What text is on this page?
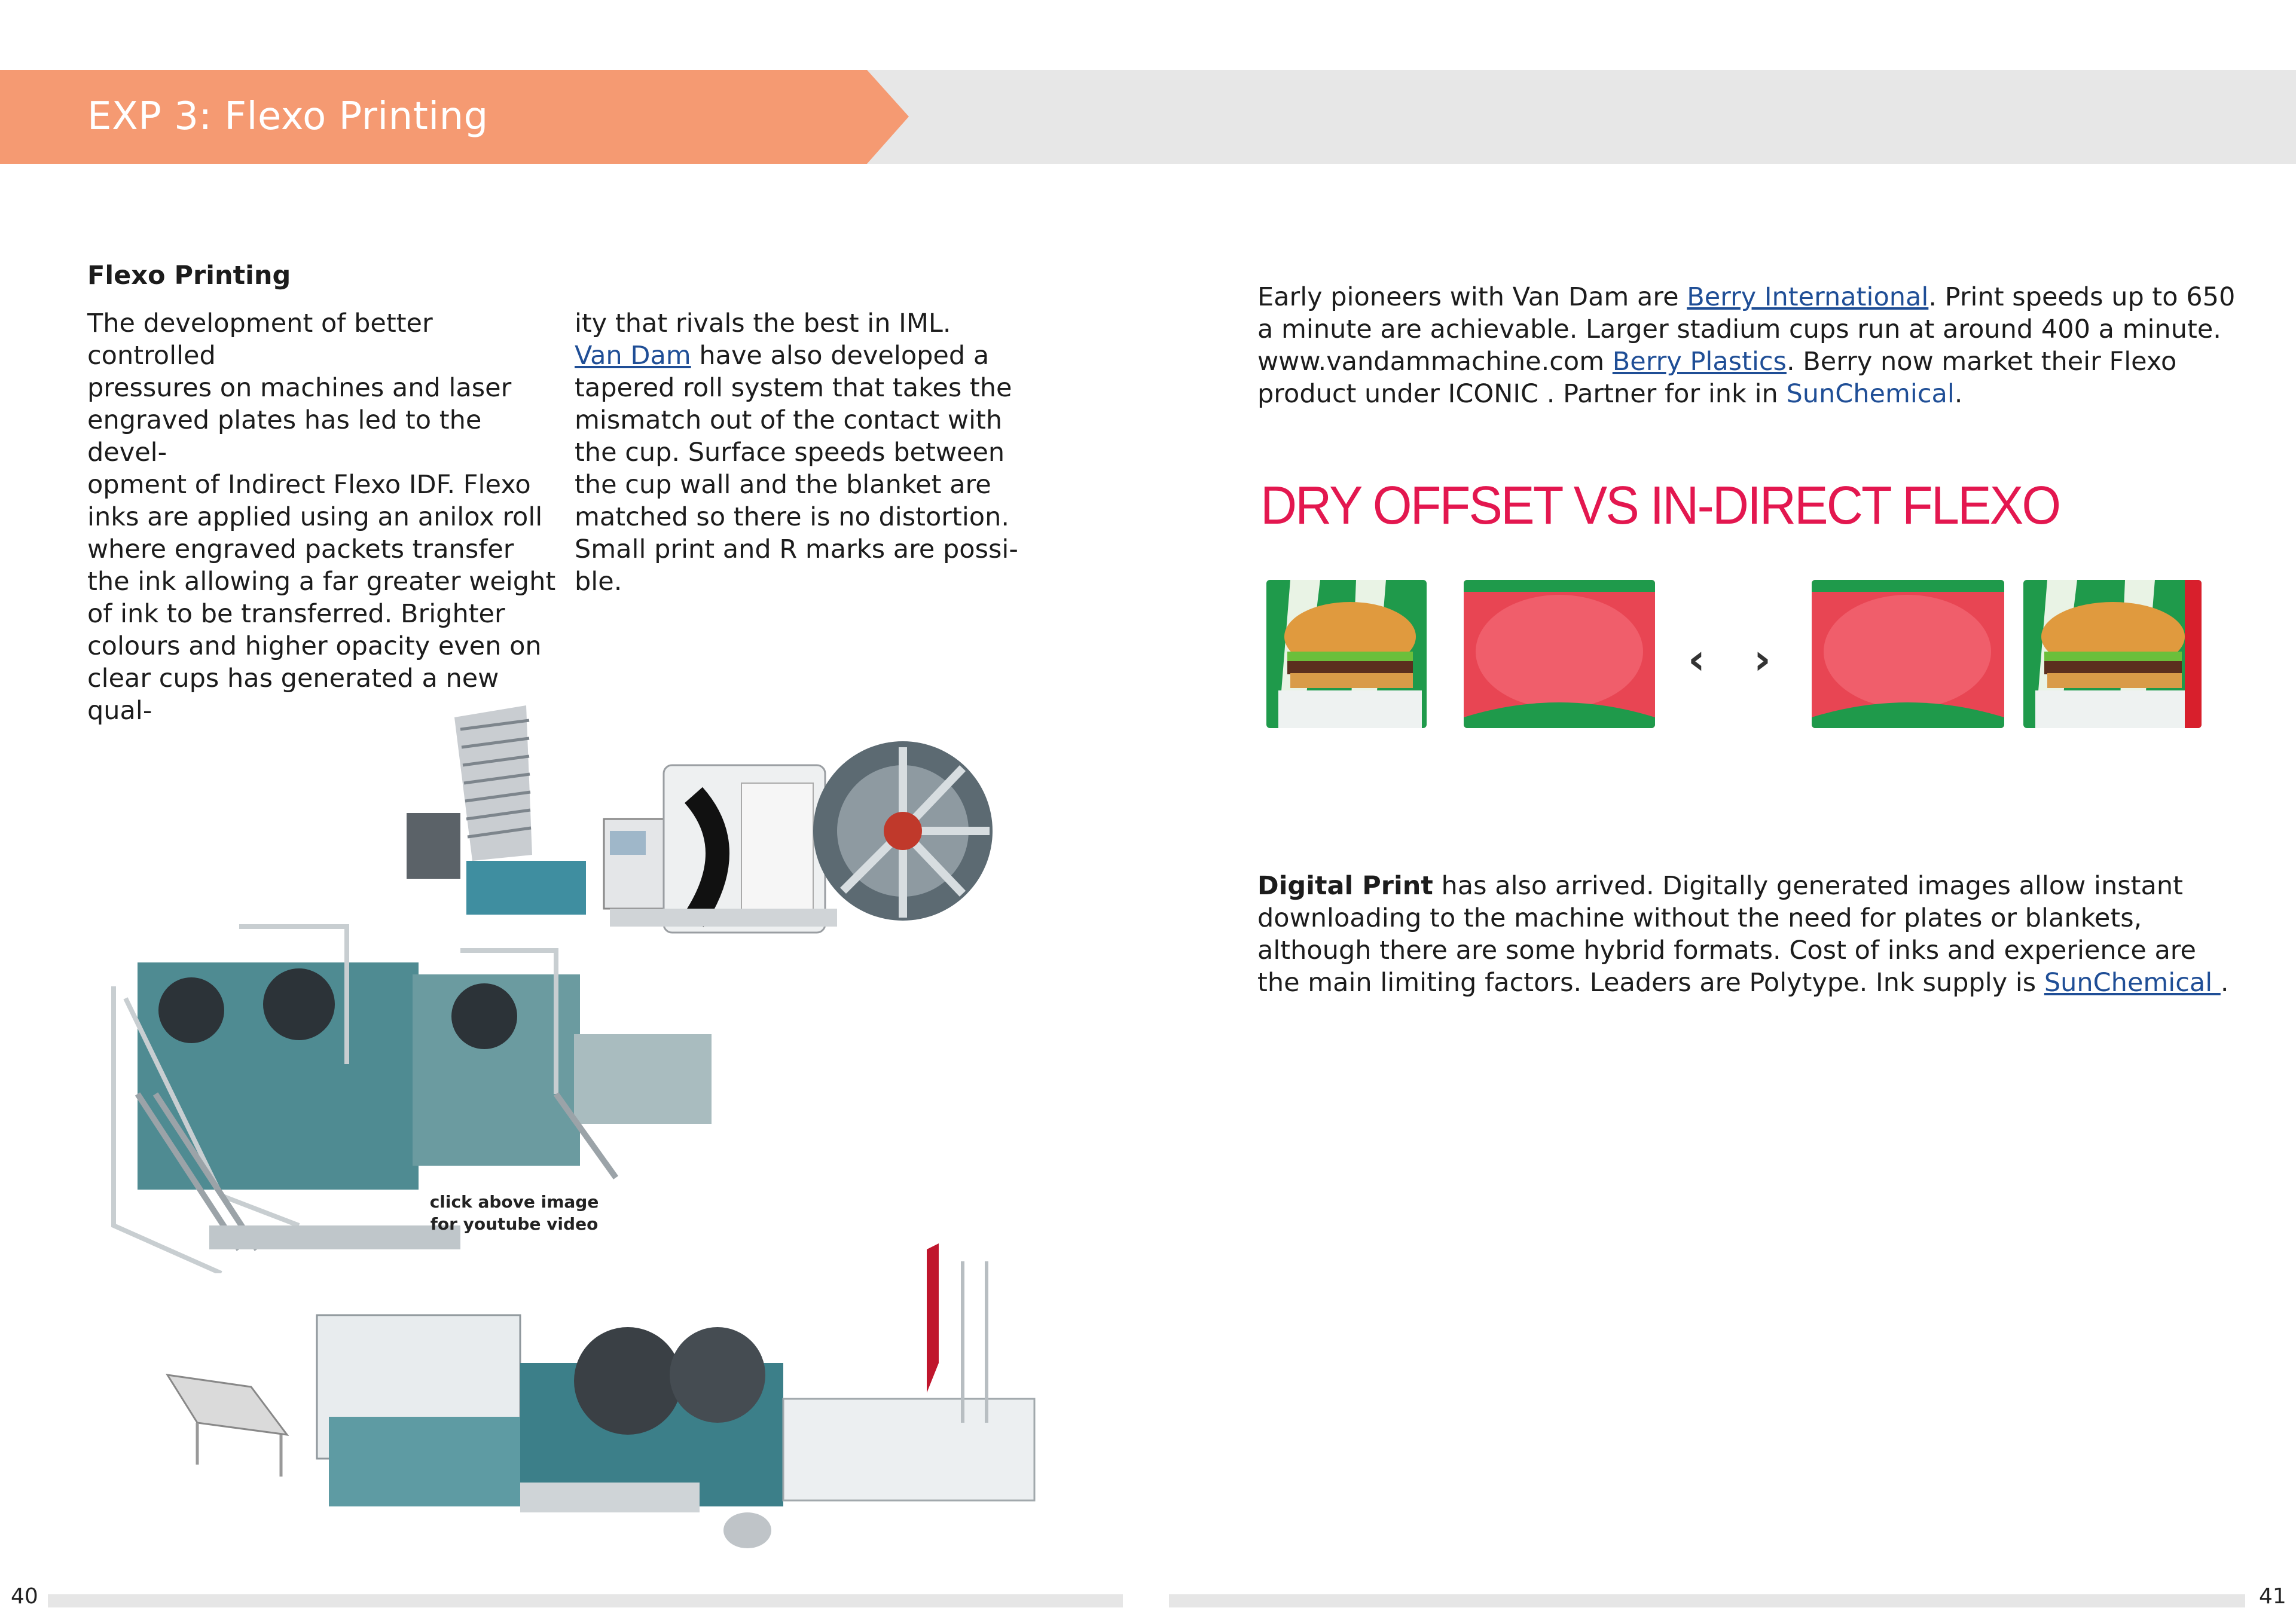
EXP 3: Flexo Printing
Flexo Printing
The development of better controlled
pressures on machines and laser
engraved plates has led to the devel-
opment of Indirect Flexo IDF. Flexo
inks are applied using an anilox roll
where engraved packets transfer
the ink allowing a far greater weight
of ink to be transferred. Brighter
colours and higher opacity even on
clear cups has generated a new qual-
ity that rivals the best in IML.
Van Dam have also developed a
tapered roll system that takes the
mismatch out of the contact with
the cup. Surface speeds between
the cup wall and the blanket are
matched so there is no distortion.
Small print and R marks are possi-
ble.
click above image
for youtube video
Early pioneers with Van Dam are Berry International. Print speeds up to 650 a minute are achievable. Larger stadium cups run at around 400 a minute. www.vandammachine.com Berry Plastics. Berry now market their Flexo product under ICONIC . Partner for ink in SunChemical.
DRY OFFSET VS IN-DIRECT FLEXO
‹ ›
Digital Print has also arrived. Digitally generated images allow instant downloading to the machine without the need for plates or blankets, although there are some hybrid formats. Cost of inks and experience are the main limiting factors. Leaders are Polytype. Ink supply is SunChemical .
40	41
